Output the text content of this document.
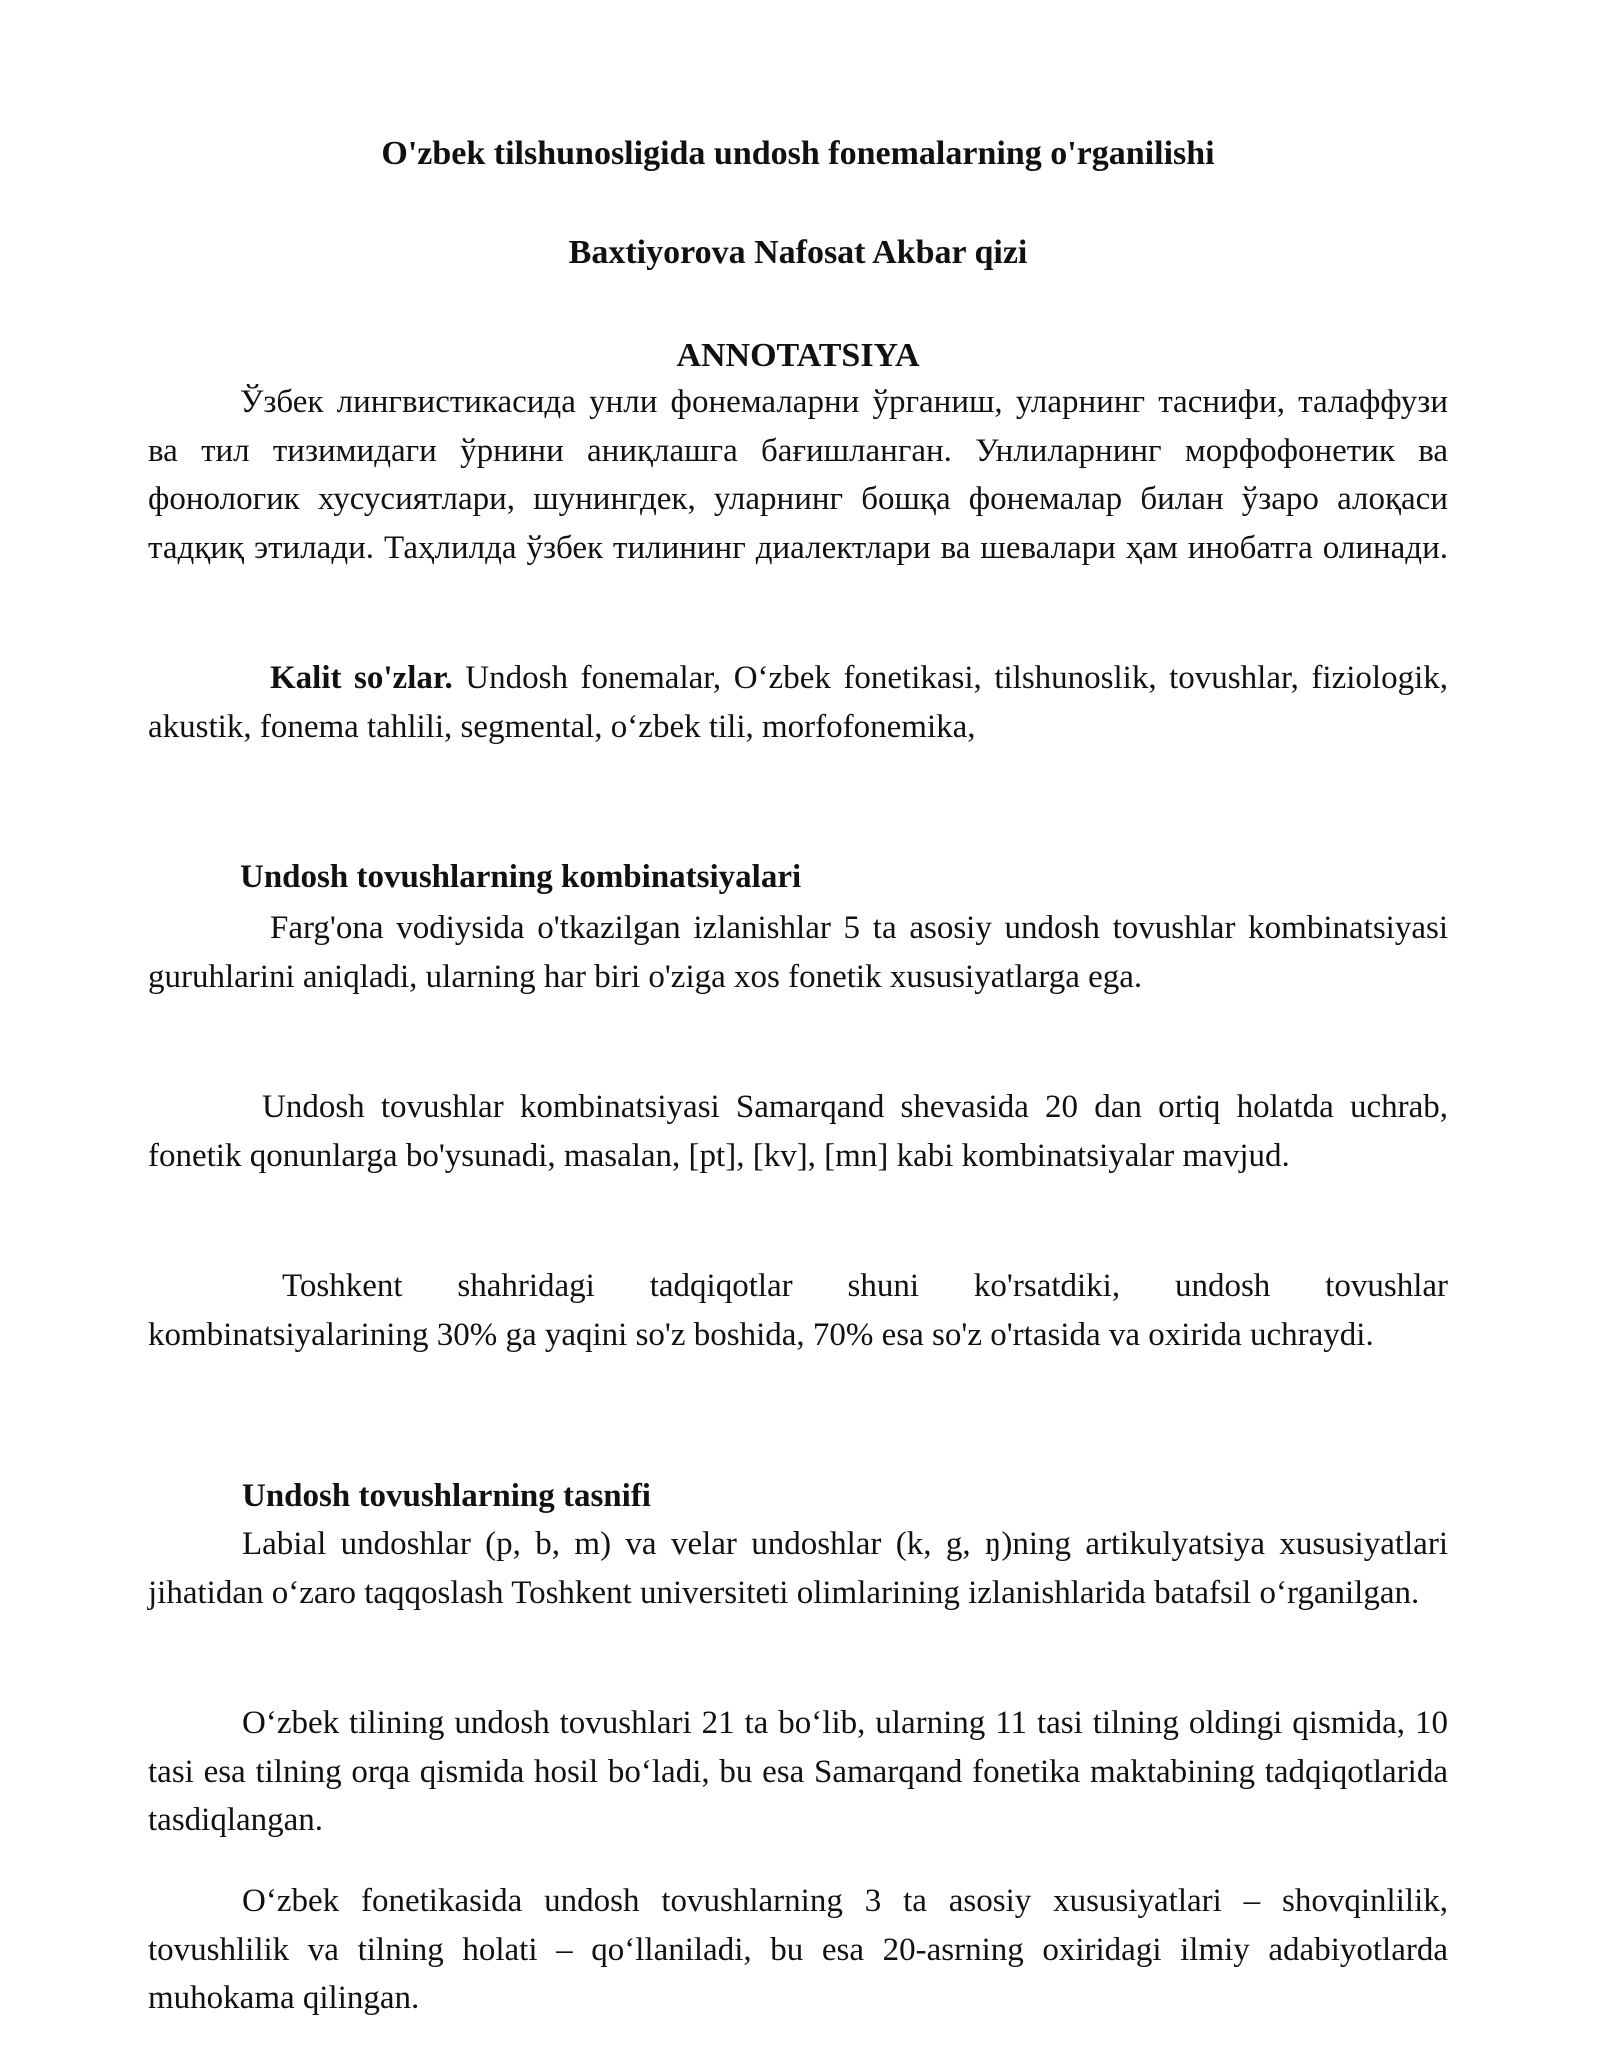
O'zbek tilshunosligida undosh fonemalarning o'rganilishi
Baxtiyorova Nafosat Akbar qizi
ANNOTATSIYA

Ўзбек лингвистикасида унли фонемаларни ўрганиш, уларнинг таснифи, талаффузи ва тил тизимидаги ўрнини аниқлашга бағишланган. Унлиларнинг морфофонетик ва фонологик хусусиятлари, шунингдек, уларнинг бошқа фонемалар билан ўзаро алоқаси тадқиқ этилади. Таҳлилда ўзбек тилининг диалектлари ва шевалари ҳам инобатга олинади.

Kalit so'zlar. Undosh fonemalar, O‘zbek fonetikasi, tilshunoslik, tovushlar, fiziologik, akustik, fonema tahlili, segmental, o‘zbek tili, morfofonemika,

Undosh tovushlarning kombinatsiyalari

Farg'ona vodiysida o'tkazilgan izlanishlar 5 ta asosiy undosh tovushlar kombinatsiyasi guruhlarini aniqladi, ularning har biri o'ziga xos fonetik xususiyatlarga ega.

Undosh tovushlar kombinatsiyasi Samarqand shevasida 20 dan ortiq holatda uchrab, fonetik qonunlarga bo'ysunadi, masalan, [pt], [kv], [mn] kabi kombinatsiyalar mavjud.

Toshkent shahridagi tadqiqotlar shuni ko'rsatdiki, undosh tovushlar kombinatsiyalarining 30% ga yaqini so'z boshida, 70% esa so'z o'rtasida va oxirida uchraydi.

Undosh tovushlarning tasnifi

Labial undoshlar (p, b, m) va velar undoshlar (k, g, ŋ)ning artikulyatsiya xususiyatlari jihatidan o‘zaro taqqoslash Toshkent universiteti olimlarining izlanishlarida batafsil o‘rganilgan.

O‘zbek tilining undosh tovushlari 21 ta bo‘lib, ularning 11 tasi tilning oldingi qismida, 10 tasi esa tilning orqa qismida hosil bo‘ladi, bu esa Samarqand fonetika maktabining tadqiqotlarida tasdiqlangan.

O‘zbek fonetikasida undosh tovushlarning 3 ta asosiy xususiyatlari – shovqinlilik, tovushlilik va tilning holati – qo‘llaniladi, bu esa 20-asrning oxiridagi ilmiy adabiyotlarda muhokama qilingan.
